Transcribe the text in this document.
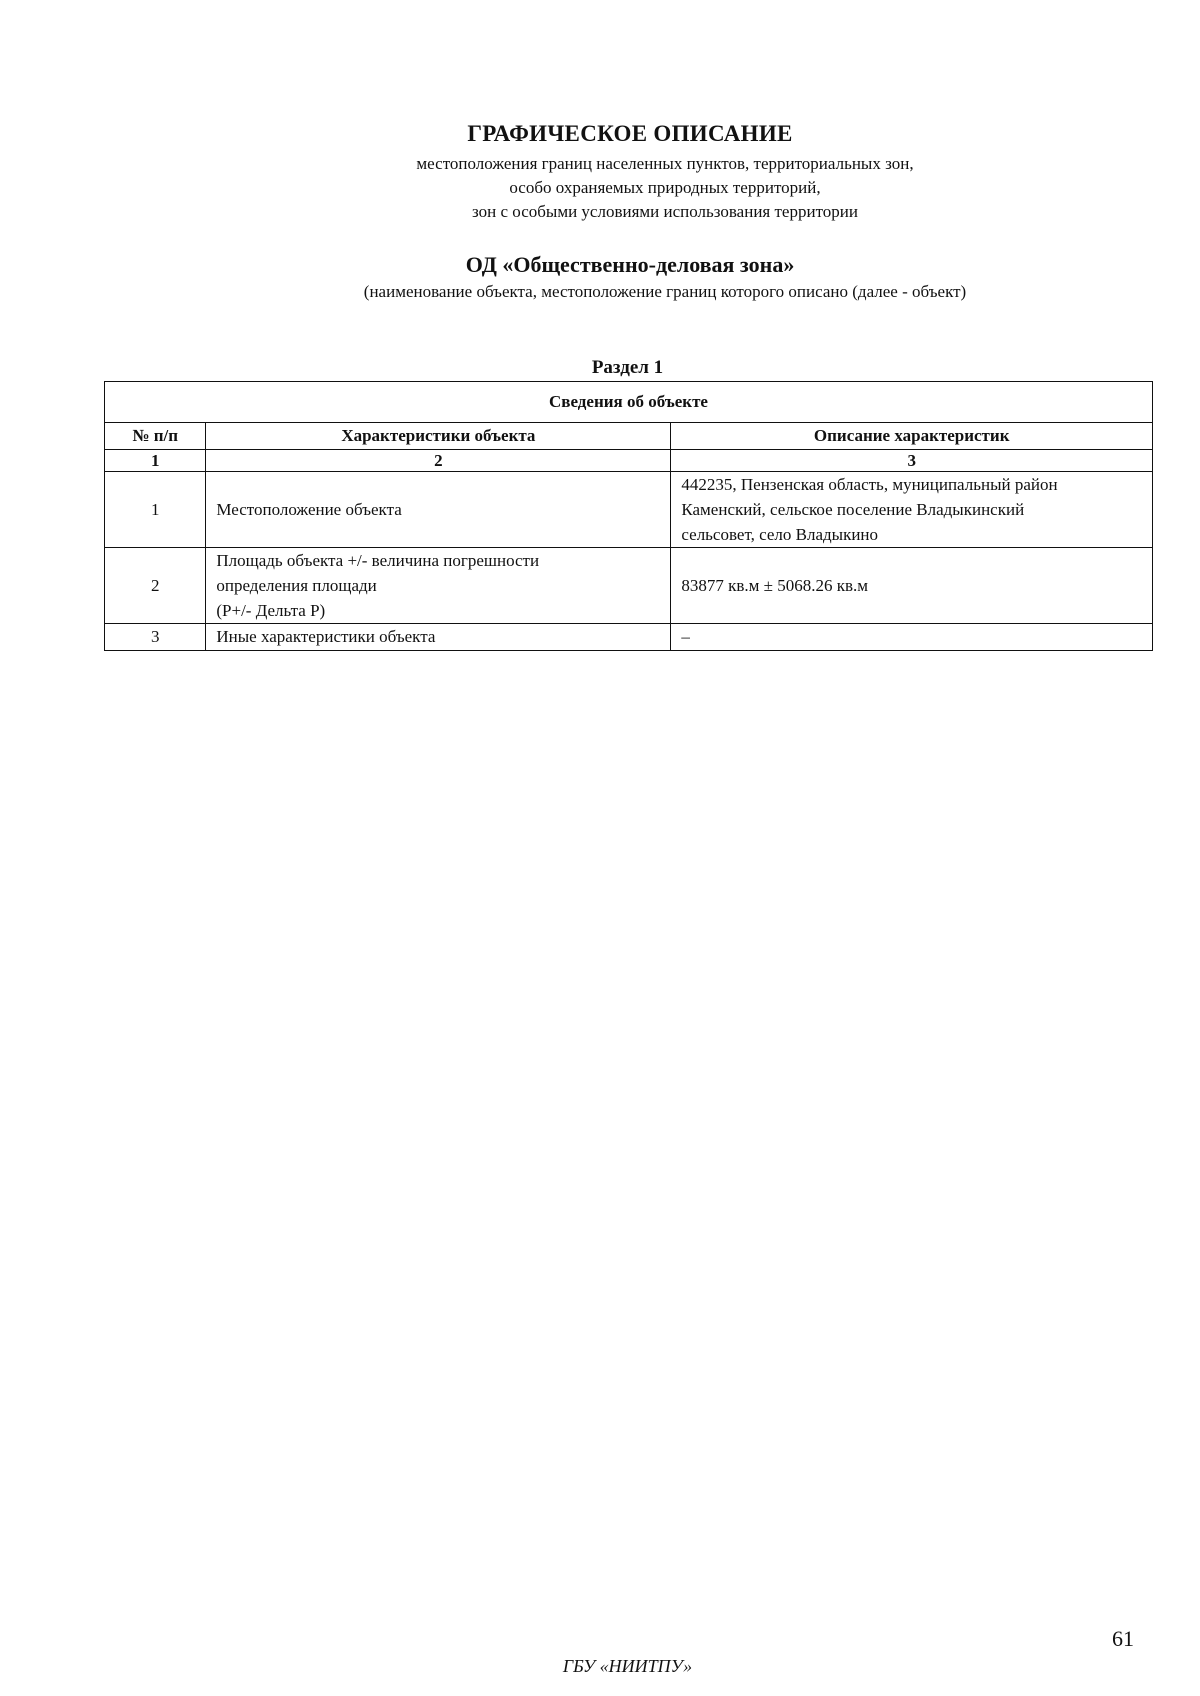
ГРАФИЧЕСКОЕ ОПИСАНИЕ
местоположения границ населенных пунктов, территориальных зон,
особо охраняемых природных территорий,
зон с особыми условиями использования территории
ОД «Общественно-деловая зона»
(наименование объекта, местоположение границ которого описано (далее - объект)
Раздел 1
Сведения об объекте		
№ п/п	Характеристики объекта	Описание характеристик
1	2	3
1	Местоположение объекта	442235, Пензенская область, муниципальный район
Каменский, сельское поселение Владыкинский
сельсовет, село Владыкино
2	Площадь объекта +/- величина погрешности
определения площади
(Р+/- Дельта Р)	83877 кв.м ± 5068.26 кв.м
3	Иные характеристики объекта	–
61
ГБУ «НИИТПУ»
